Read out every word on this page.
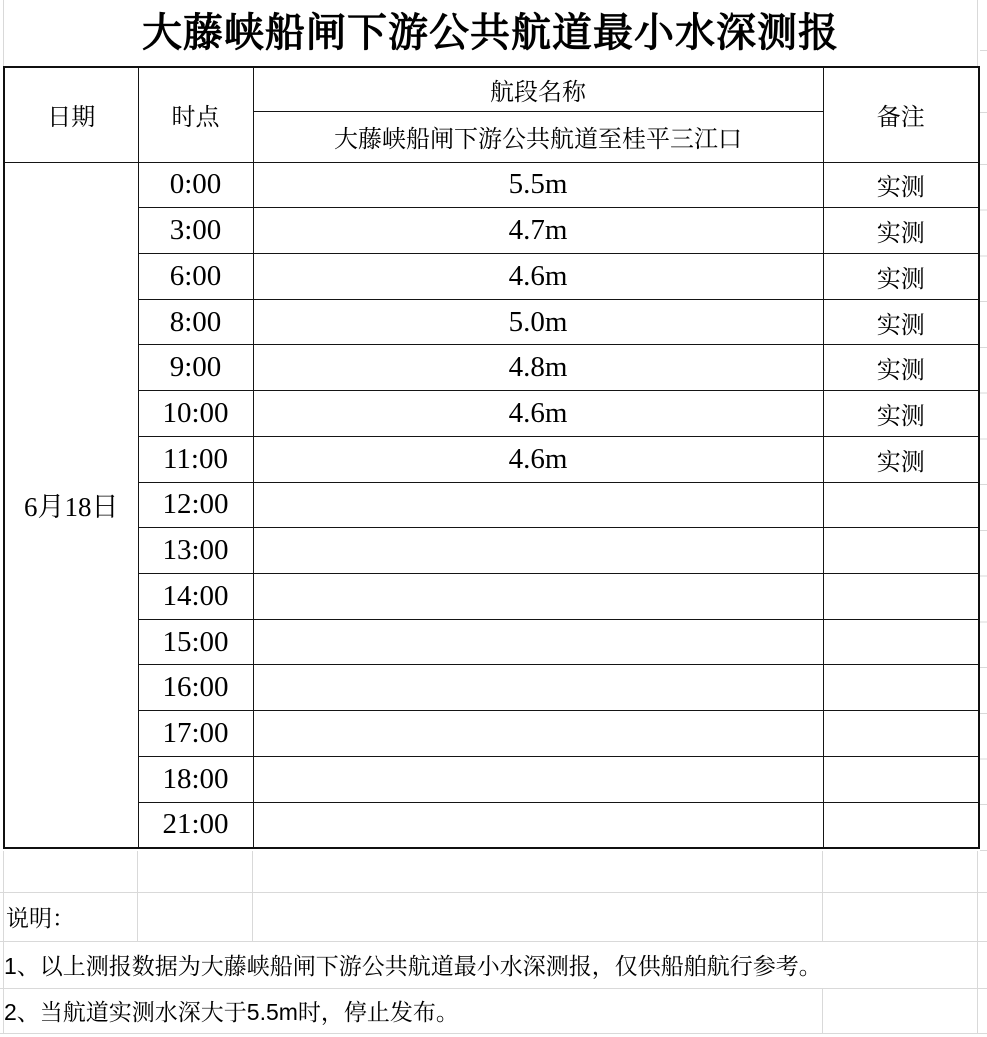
大藤峡船闸下游公共航道最小水深测报
日期	时点	航段名称	备注
		大藤峡船闸下游公共航道至桂平三江口	
6月18日	0:00	5.5m	实测
	3:00	4.7m	实测
	6:00	4.6m	实测
	8:00	5.0m	实测
	9:00	4.8m	实测
	10:00	4.6m	实测
	11:00	4.6m	实测
	12:00		
	13:00		
	14:00		
	15:00		
	16:00		
	17:00		
	18:00		
	21:00		
说明：
1、以上测报数据为大藤峡船闸下游公共航道最小水深测报，仅供船舶航行参考。
2、当航道实测水深大于5.5m时，停止发布。
